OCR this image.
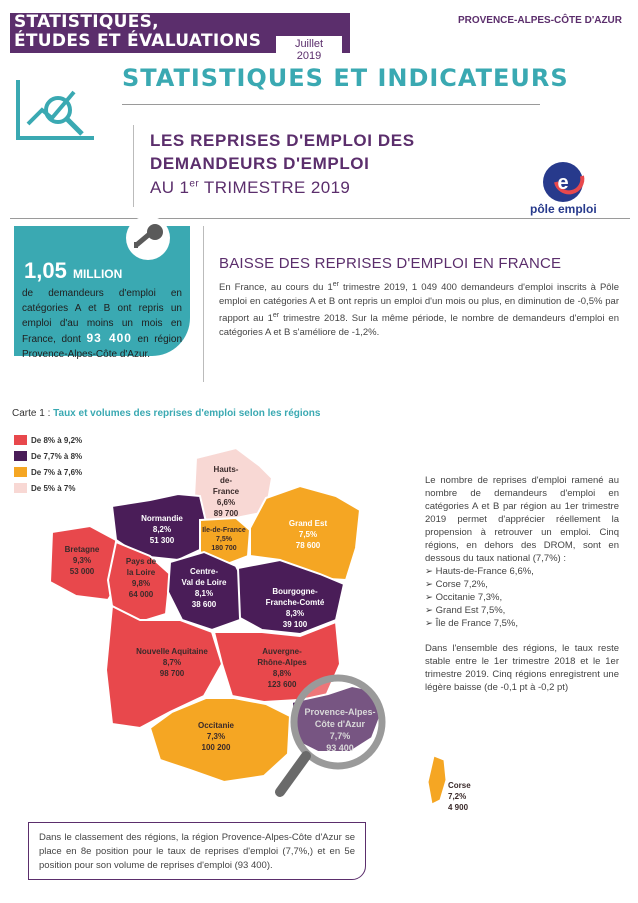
STATISTIQUES,
ÉTUDES ET ÉVALUATIONS	Juillet 2019
PROVENCE-ALPES-CÔTE D'AZUR
STATISTIQUES ET INDICATEURS
LES REPRISES D'EMPLOI DES
DEMANDEURS D'EMPLOI
AU 1er TRIMESTRE 2019	e
pôle emploi
1,05 MILLION
de demandeurs d'emploi en catégories A et B ont repris un emploi d'au moins un mois en France, dont 93 400 en région Provence-Alpes-Côte d'Azur.
BAISSE DES REPRISES D'EMPLOI EN FRANCE
En France, au cours du 1er trimestre 2019, 1 049 400 demandeurs d'emploi inscrits à Pôle emploi en catégories A et B ont repris un emploi d'un mois ou plus, en diminution de -0,5% par rapport au 1er trimestre 2018. Sur la même période, le nombre de demandeurs d'emploi en catégories A et B s'améliore de -1,2%.
Carte 1 : Taux et volumes des reprises d'emploi selon les régions
De 8% à 9,2%
De 7,7% à 8%
De 7% à 7,6%
De 5% à 7%
Hauts-
de-
France
6,6%
89 700
Normandie
8,2%
51 300
Ile-de-France
7,5%
180 700
Grand Est
7,5%
78 600
Bretagne
9,3%
53 000
Pays de
la Loire
9,8%
64 000
Centre-
Val de Loire
8,1%
38 600
Bourgogne-
Franche-Comté
8,3%
39 100
Nouvelle Aquitaine
8,7%
98 700
Auvergne-
Rhône-Alpes
8,8%
123 600
Occitanie
7,3%
100 200
Provence-Alpes-
Côte d'Azur
7,7%
93 400
Corse
7,2%
4 900
Le nombre de reprises d'emploi ramené au nombre de demandeurs d'emploi en catégories A et B par région au 1er trimestre 2019 permet d'apprécier réellement la propension à retrouver un emploi. Cinq régions, en dehors des DROM, sont en dessous du taux national (7,7%) :
➢ Hauts-de-France 6,6%,
➢ Corse 7,2%,
➢ Occitanie 7,3%,
➢ Grand Est 7,5%,
➢ Île de France 7,5%,
Dans l'ensemble des régions, le taux reste stable entre le 1er trimestre 2018 et le 1er trimestre 2019. Cinq régions enregistrent une légère baisse (de -0,1 pt à -0,2 pt)
Dans le classement des régions, la région Provence-Alpes-Côte d'Azur se place en 8e position pour le taux de reprises d'emploi (7,7%,) et en 5e position pour son volume de reprises d'emploi (93 400).
